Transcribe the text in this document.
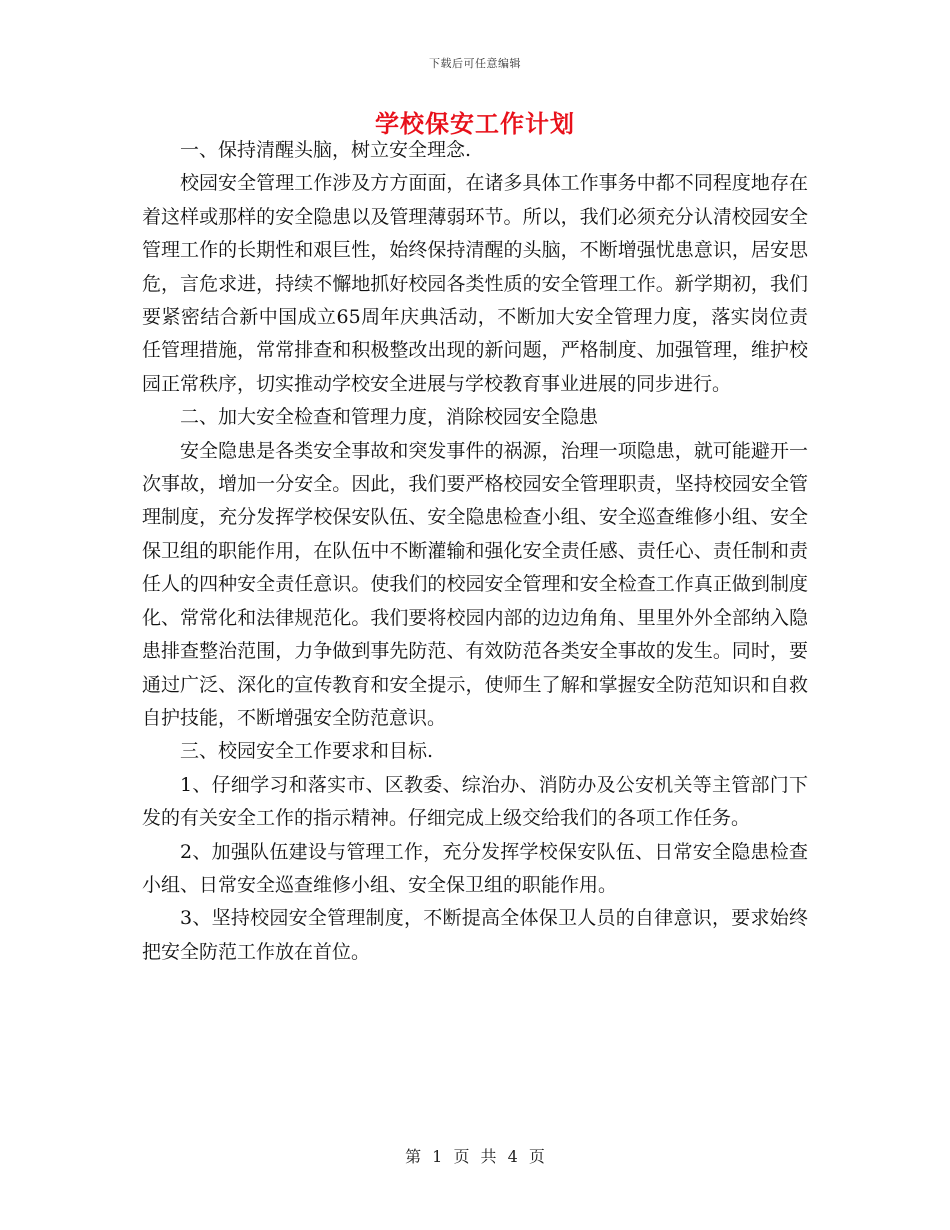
下载后可任意编辑
学校保安工作计划

一、保持清醒头脑，树立安全理念.

校园安全管理工作涉及方方面面，在诸多具体工作事务中都不同程度地存在着这样或那样的安全隐患以及管理薄弱环节。所以，我们必须充分认清校园安全管理工作的长期性和艰巨性，始终保持清醒的头脑，不断增强忧患意识，居安思危，言危求进，持续不懈地抓好校园各类性质的安全管理工作。新学期初，我们要紧密结合新中国成立65周年庆典活动，不断加大安全管理力度，落实岗位责任管理措施，常常排查和积极整改出现的新问题，严格制度、加强管理，维护校园正常秩序，切实推动学校安全进展与学校教育事业进展的同步进行。

二、加大安全检查和管理力度，消除校园安全隐患

安全隐患是各类安全事故和突发事件的祸源，治理一项隐患，就可能避开一次事故，增加一分安全。因此，我们要严格校园安全管理职责，坚持校园安全管理制度，充分发挥学校保安队伍、安全隐患检查小组、安全巡查维修小组、安全保卫组的职能作用，在队伍中不断灌输和强化安全责任感、责任心、责任制和责任人的四种安全责任意识。使我们的校园安全管理和安全检查工作真正做到制度化、常常化和法律规范化。我们要将校园内部的边边角角、里里外外全部纳入隐患排查整治范围，力争做到事先防范、有效防范各类安全事故的发生。同时，要通过广泛、深化的宣传教育和安全提示，使师生了解和掌握安全防范知识和自救自护技能，不断增强安全防范意识。

三、校园安全工作要求和目标.

1、仔细学习和落实市、区教委、综治办、消防办及公安机关等主管部门下发的有关安全工作的指示精神。仔细完成上级交给我们的各项工作任务。

2、加强队伍建设与管理工作，充分发挥学校保安队伍、日常安全隐患检查小组、日常安全巡查维修小组、安全保卫组的职能作用。

3、坚持校园安全管理制度，不断提高全体保卫人员的自律意识，要求始终把安全防范工作放在首位。

第 1 页 共 4 页
